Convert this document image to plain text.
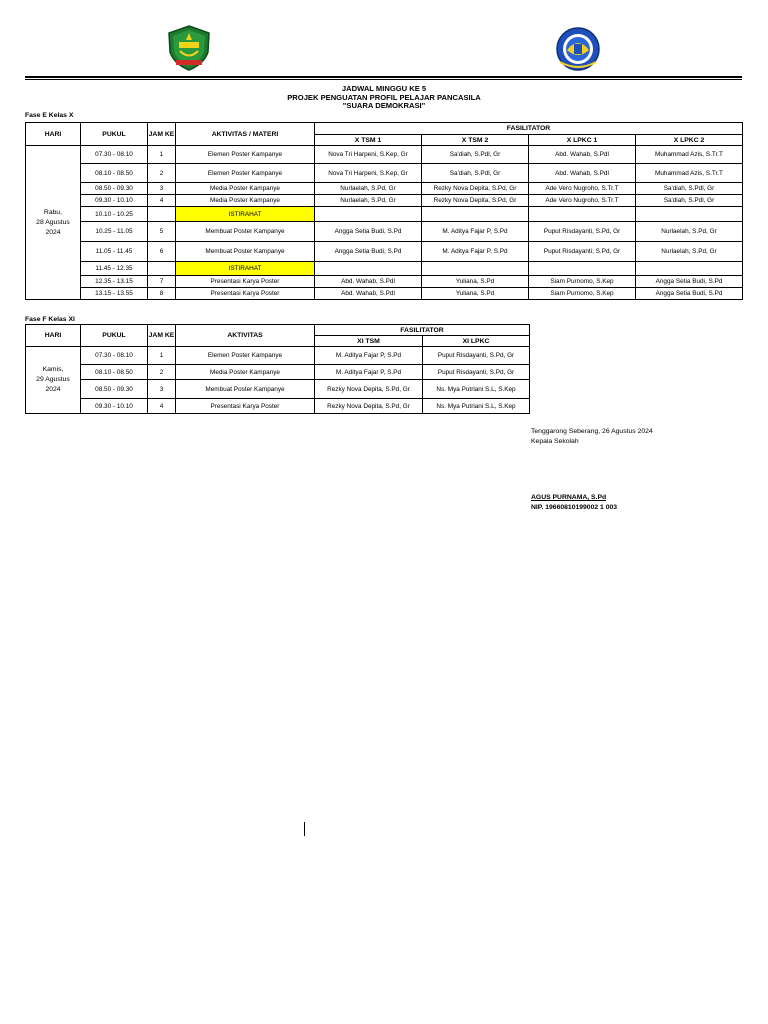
JADWAL MINGGU KE 5
PROJEK PENGUATAN PROFIL PELAJAR PANCASILA
"SUARA DEMOKRASI"
Fase E Kelas X
HARI	PUKUL	JAM KE	AKTIVITAS / MATERI	FASILITATOR			
				X TSM 1	X TSM 2	X LPKC 1	X LPKC 2

Rabu,
28 Agustus
2024	07.30 - 08.10	1	Elemen Poster Kampanye	Nova Tri Harpeni, S.Kep, Gr	Sa'diah, S.Pdl, Gr	Abd. Wahab, S.Pdl	Muhammad Azis, S.Tr.T
	08.10 - 08.50	2	Elemen Poster Kampanye	Nova Tri Harpeni, S.Kep, Gr	Sa'diah, S.Pdl, Gr	Abd. Wahab, S.Pdl	Muhammad Azis, S.Tr.T
	08.50 - 09.30	3	Media Poster Kampanye	Nurlaelah, S.Pd, Gr	Rezky Nova Depita, S.Pd, Gr	Ade Vero Nugroho, S.Tr.T	Sa'diah, S.Pdl, Gr
	09.30 - 10.10	4	Media Poster Kampanye	Nurlaelah, S.Pd, Gr	Rezky Nova Depita, S.Pd, Gr	Ade Vero Nugroho, S.Tr.T	Sa'diah, S.Pdl, Gr
	10.10 - 10.25		ISTIRAHAT				
	10.25 - 11.05	5	Membuat Poster Kampanye	Angga Setia Budi, S.Pd	M. Aditya Fajar P, S.Pd	Puput Risdayanti, S.Pd, Gr	Nurlaelah, S.Pd, Gr
	11.05 - 11.45	6	Membuat Poster Kampanye	Angga Setia Budi, S.Pd	M. Aditya Fajar P, S.Pd	Puput Risdayanti, S.Pd, Gr	Nurlaelah, S.Pd, Gr
	11.45 - 12.35		ISTIRAHAT				
	12.35 - 13.15	7	Presentasi Karya Poster	Abd. Wahab, S.Pdl	Yuliana, S.Pd	Siam Purnomo, S.Kep	Angga Setia Budi, S.Pd
	13.15 - 13.55	8	Presentasi Karya Poster	Abd. Wahab, S.Pdl	Yuliana, S.Pd	Siam Purnomo, S.Kep	Angga Setia Budi, S.Pd
Fase F Kelas XI
HARI	PUKUL	JAM KE	AKTIVITAS	FASILITATOR	
				XI TSM	XI LPKC

Kamis,
29 Agustus
2024	07.30 - 08.10	1	Elemen Poster Kampanye	M. Aditya Fajar P, S.Pd	Puput Risdayanti, S.Pd, Gr
	08.10 - 08.50	2	Media Poster Kampanye	M. Aditya Fajar P, S.Pd	Puput Risdayanti, S.Pd, Gr
	08.50 - 09.30	3	Membuat Poster Kampanye	Rezky Nova Depita, S.Pd, Gr	Ns. Mya Putriani S.L, S.Kep
	09.30 - 10.10	4	Presentasi Karya Poster	Rezky Nova Depita, S.Pd, Gr	Ns. Mya Putriani S.L, S.Kep
Tenggarong Seberang, 26 Agustus 2024
Kepala Sekolah
AGUS PURNAMA, S.Pd
NIP. 19660810199002 1 003
